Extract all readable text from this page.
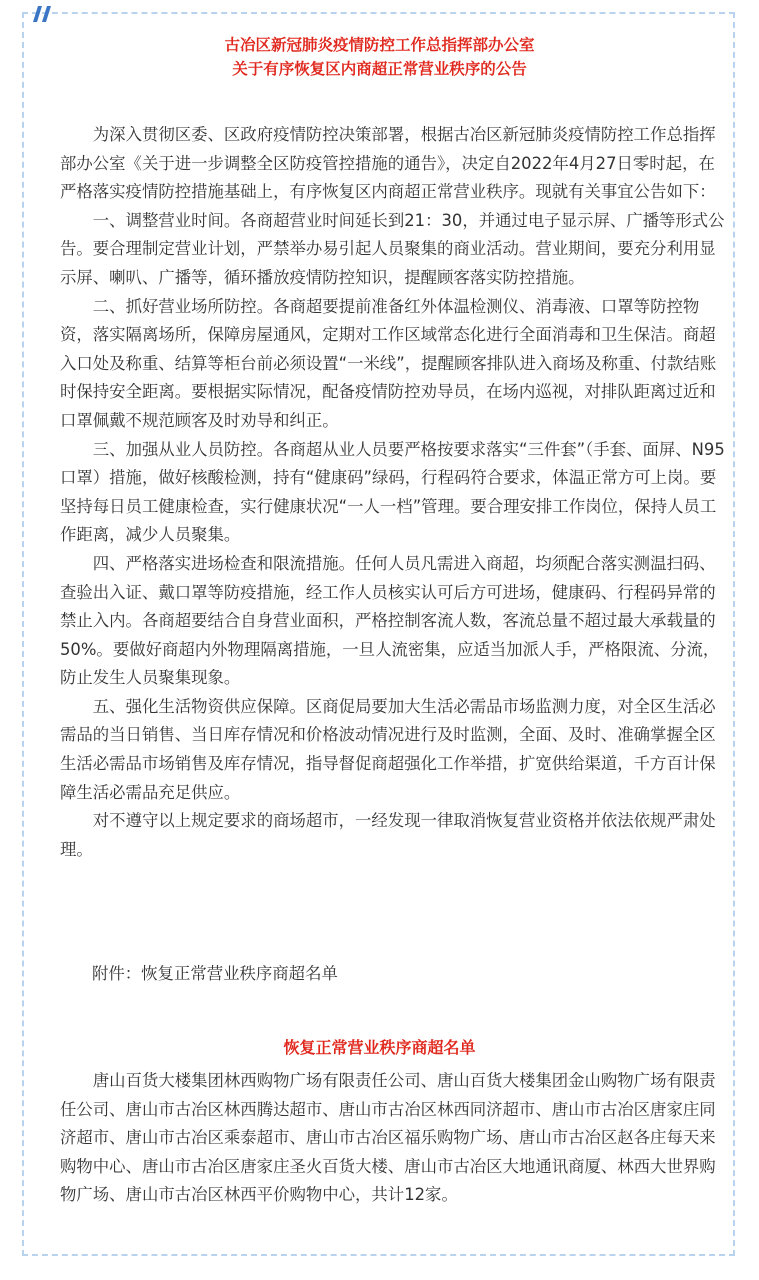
古冶区新冠肺炎疫情防控工作总指挥部办公室
关于有序恢复区内商超正常营业秩序的公告

为深入贯彻区委、区政府疫情防控决策部署，根据古冶区新冠肺炎疫情防控工作总指挥部办公室《关于进一步调整全区防疫管控措施的通告》，决定自2022年4月27日零时起，在严格落实疫情防控措施基础上，有序恢复区内商超正常营业秩序。现就有关事宜公告如下：

一、调整营业时间。各商超营业时间延长到21：30，并通过电子显示屏、广播等形式公告。要合理制定营业计划，严禁举办易引起人员聚集的商业活动。营业期间，要充分利用显示屏、喇叭、广播等，循环播放疫情防控知识，提醒顾客落实防控措施。

二、抓好营业场所防控。各商超要提前准备红外体温检测仪、消毒液、口罩等防控物资，落实隔离场所，保障房屋通风，定期对工作区域常态化进行全面消毒和卫生保洁。商超入口处及称重、结算等柜台前必须设置“一米线”，提醒顾客排队进入商场及称重、付款结账时保持安全距离。要根据实际情况，配备疫情防控劝导员，在场内巡视，对排队距离过近和口罩佩戴不规范顾客及时劝导和纠正。

三、加强从业人员防控。各商超从业人员要严格按要求落实“三件套”（手套、面屏、N95口罩）措施，做好核酸检测，持有“健康码”绿码，行程码符合要求，体温正常方可上岗。要坚持每日员工健康检查，实行健康状况“一人一档”管理。要合理安排工作岗位，保持人员工作距离，减少人员聚集。

四、严格落实进场检查和限流措施。任何人员凡需进入商超，均须配合落实测温扫码、查验出入证、戴口罩等防疫措施，经工作人员核实认可后方可进场，健康码、行程码异常的禁止入内。各商超要结合自身营业面积，严格控制客流人数，客流总量不超过最大承载量的50%。要做好商超内外物理隔离措施，一旦人流密集，应适当加派人手，严格限流、分流，防止发生人员聚集现象。

五、强化生活物资供应保障。区商促局要加大生活必需品市场监测力度，对全区生活必需品的当日销售、当日库存情况和价格波动情况进行及时监测，全面、及时、准确掌握全区生活必需品市场销售及库存情况，指导督促商超强化工作举措，扩宽供给渠道，千方百计保障生活必需品充足供应。

对不遵守以上规定要求的商场超市，一经发现一律取消恢复营业资格并依法依规严肃处理。

附件：恢复正常营业秩序商超名单
恢复正常营业秩序商超名单

唐山百货大楼集团林西购物广场有限责任公司、唐山百货大楼集团金山购物广场有限责任公司、唐山市古冶区林西腾达超市、唐山市古冶区林西同济超市、唐山市古冶区唐家庄同济超市、唐山市古冶区乘泰超市、唐山市古冶区福乐购物广场、唐山市古冶区赵各庄每天来购物中心、唐山市古冶区唐家庄圣火百货大楼、唐山市古冶区大地通讯商厦、林西大世界购物广场、唐山市古冶区林西平价购物中心，共计12家。
